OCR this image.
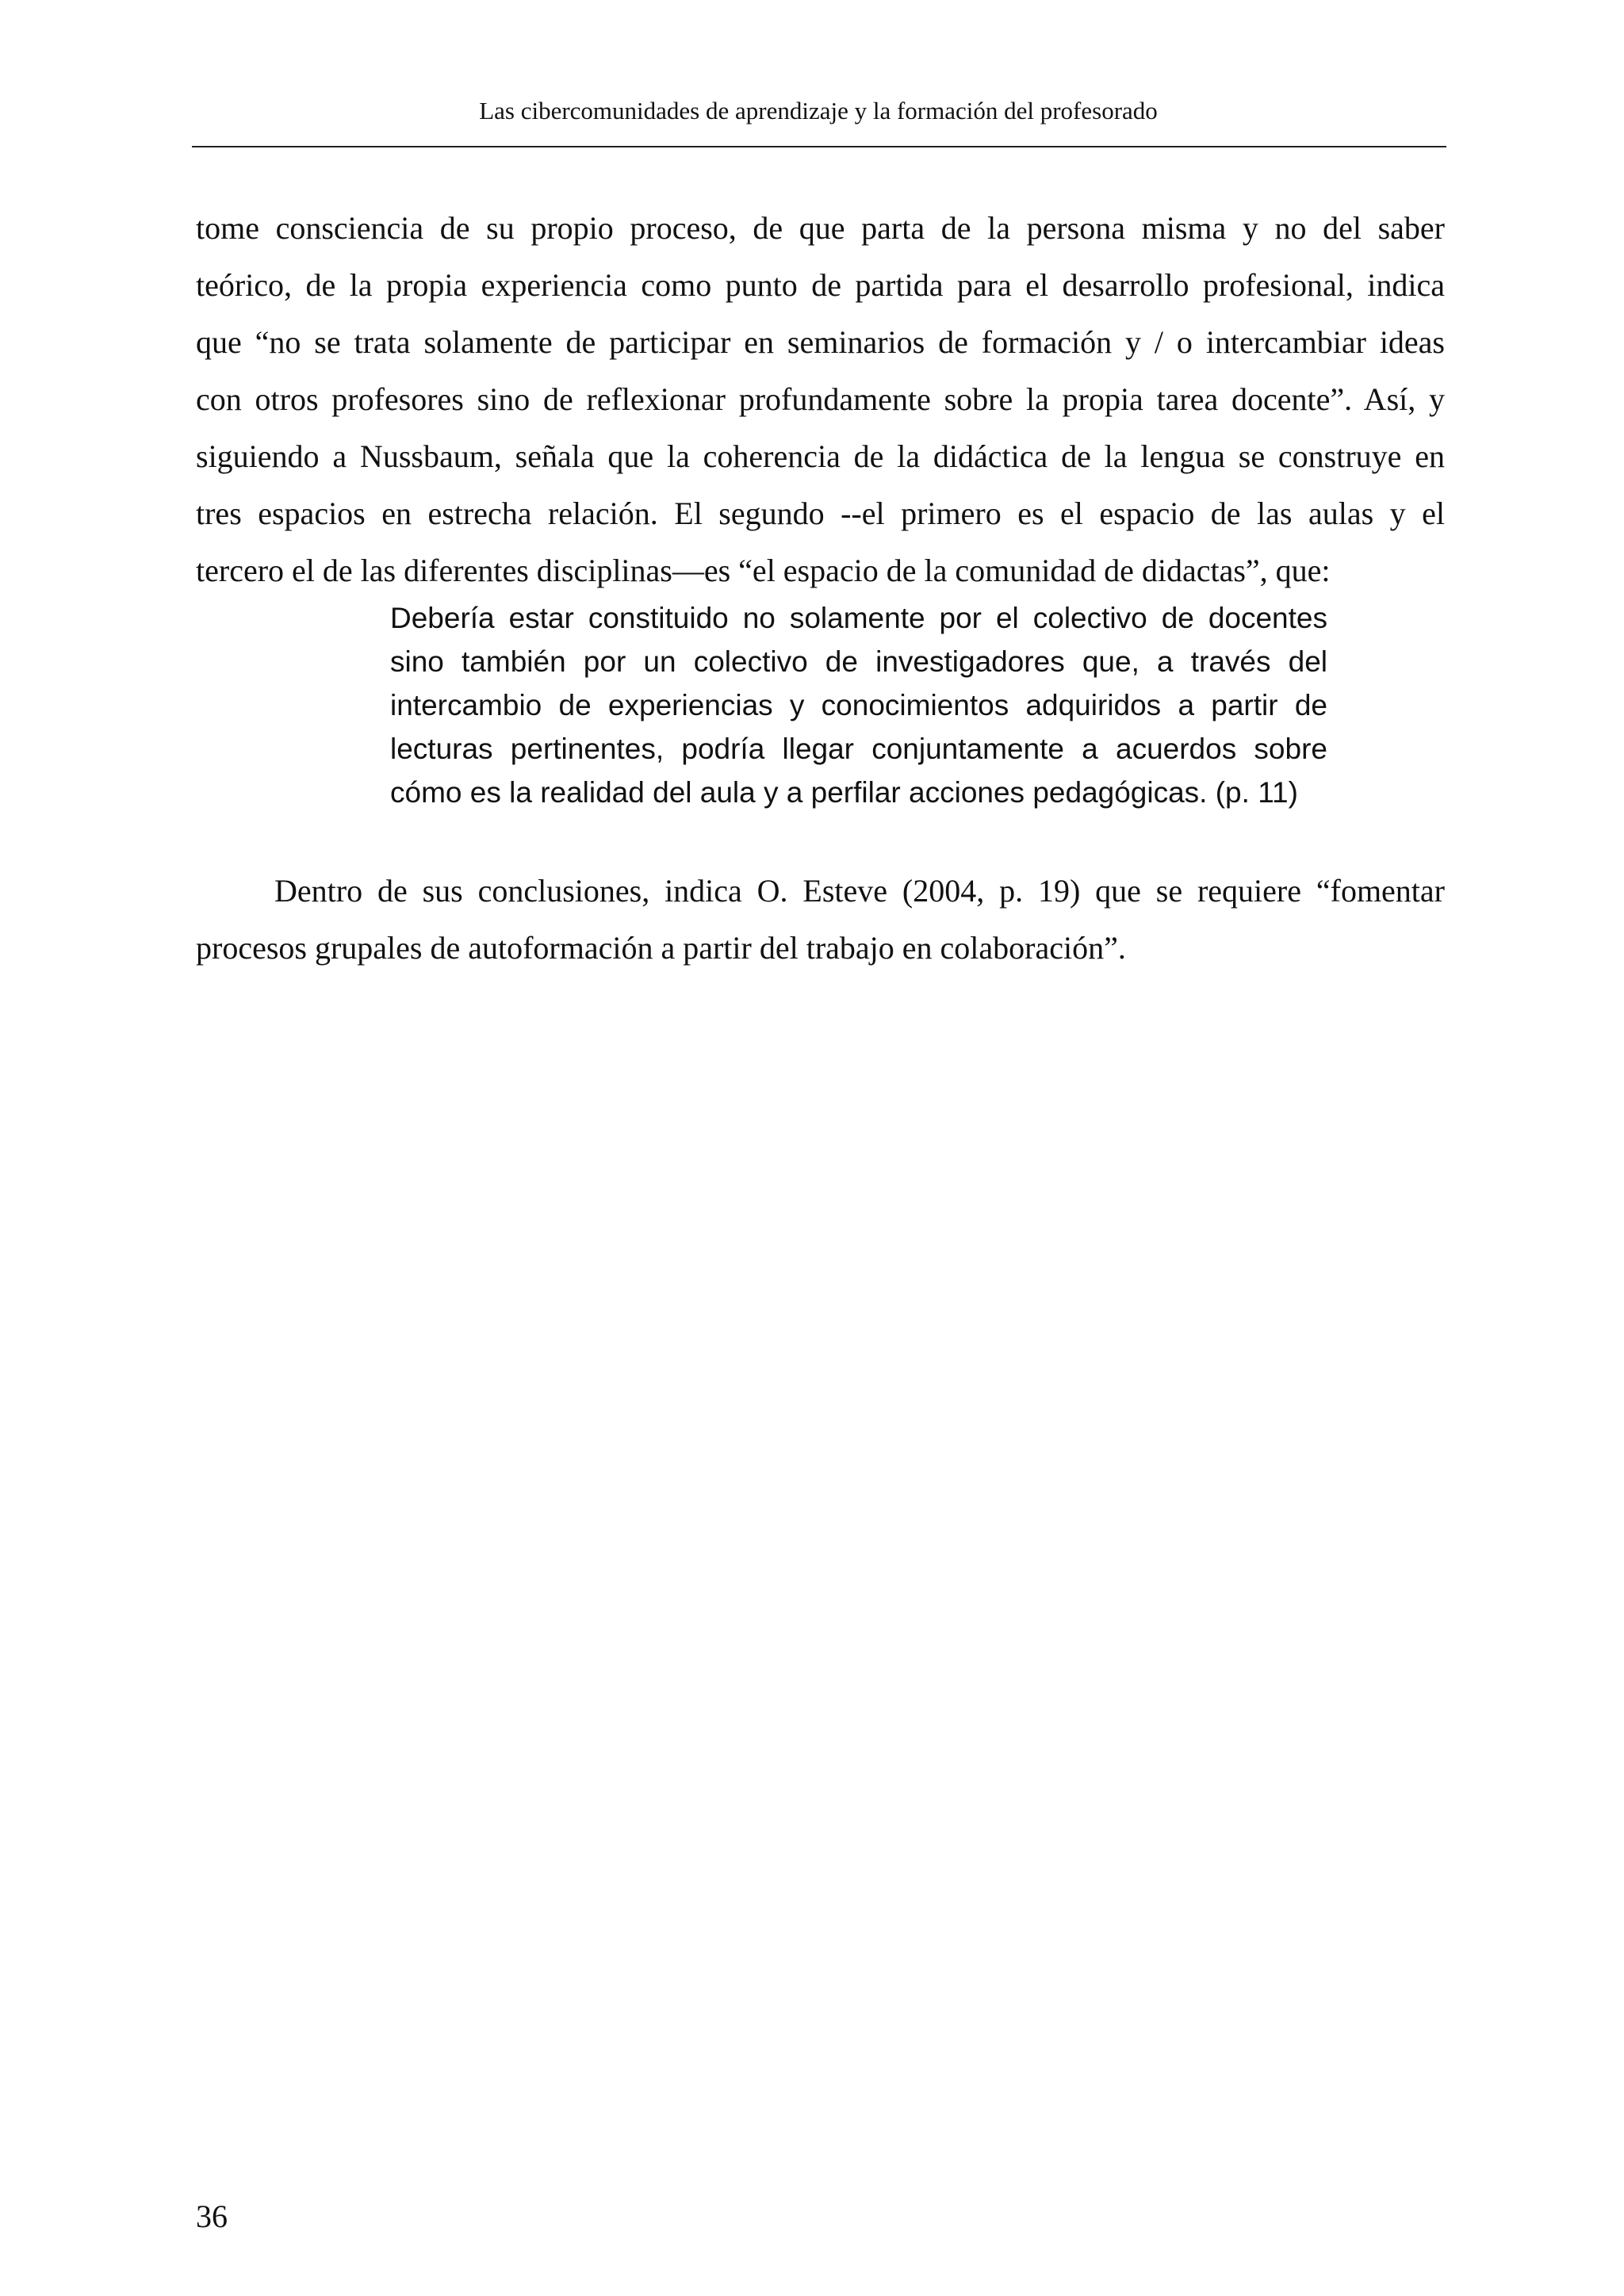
Las cibercomunidades de aprendizaje y la formación del profesorado
tome consciencia de su propio proceso, de que parta de la persona misma y no del saber
teórico, de la propia experiencia como punto de partida para el desarrollo profesional, indica
que “no se trata solamente de participar en seminarios de formación y / o intercambiar ideas
con otros profesores sino de reflexionar profundamente sobre la propia tarea docente”. Así, y
siguiendo a Nussbaum, señala que la coherencia de la didáctica de la lengua se construye en
tres espacios en estrecha relación. El segundo --el primero es el espacio de las aulas y el
tercero el de las diferentes disciplinas—es “el espacio de la comunidad de didactas”, que:
Debería estar constituido no solamente por el colectivo de docentes
sino también por un colectivo de investigadores que, a través del
intercambio de experiencias y conocimientos adquiridos a partir de
lecturas pertinentes, podría llegar conjuntamente a acuerdos sobre
cómo es la realidad del aula y a perfilar acciones pedagógicas. (p. 11)
Dentro de sus conclusiones, indica O. Esteve (2004, p. 19) que se requiere “fomentar
procesos grupales de autoformación a partir del trabajo en colaboración”.
36
